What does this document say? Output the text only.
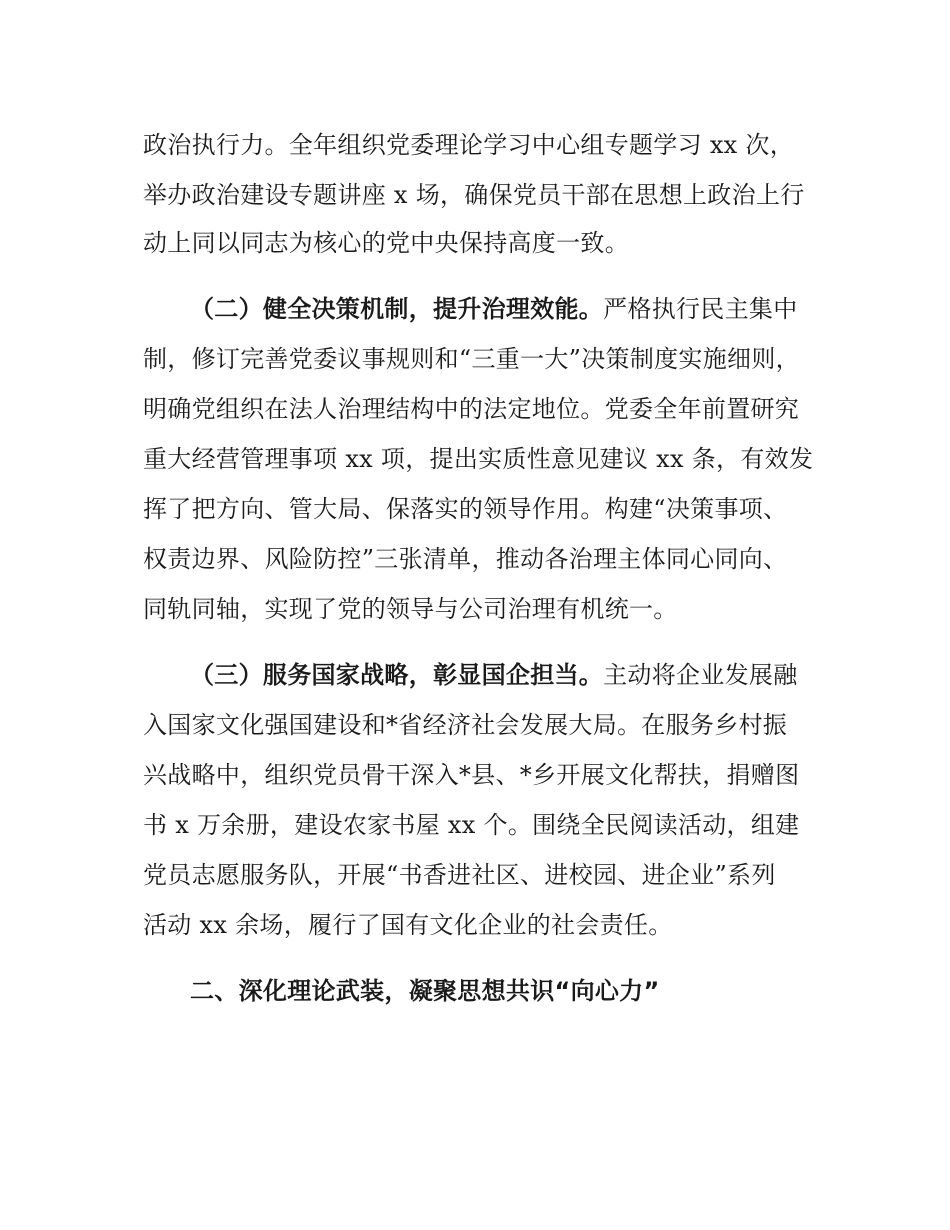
政治执行力。全年组织党委理论学习中心组专题学习 xx 次，
举办政治建设专题讲座 x 场，确保党员干部在思想上政治上行
动上同以同志为核心的党中央保持高度一致。
（二）健全决策机制，提升治理效能。严格执行民主集中
制，修订完善党委议事规则和“三重一大”决策制度实施细则，
明确党组织在法人治理结构中的法定地位。党委全年前置研究
重大经营管理事项 xx 项，提出实质性意见建议 xx 条，有效发
挥了把方向、管大局、保落实的领导作用。构建“决策事项、
权责边界、风险防控”三张清单，推动各治理主体同心同向、
同轨同轴，实现了党的领导与公司治理有机统一。
（三）服务国家战略，彰显国企担当。主动将企业发展融
入国家文化强国建设和*省经济社会发展大局。在服务乡村振
兴战略中，组织党员骨干深入*县、*乡开展文化帮扶，捐赠图
书 x 万余册，建设农家书屋 xx 个。围绕全民阅读活动，组建
党员志愿服务队，开展“书香进社区、进校园、进企业”系列
活动 xx 余场，履行了国有文化企业的社会责任。
二、深化理论武装，凝聚思想共识“向心力”
